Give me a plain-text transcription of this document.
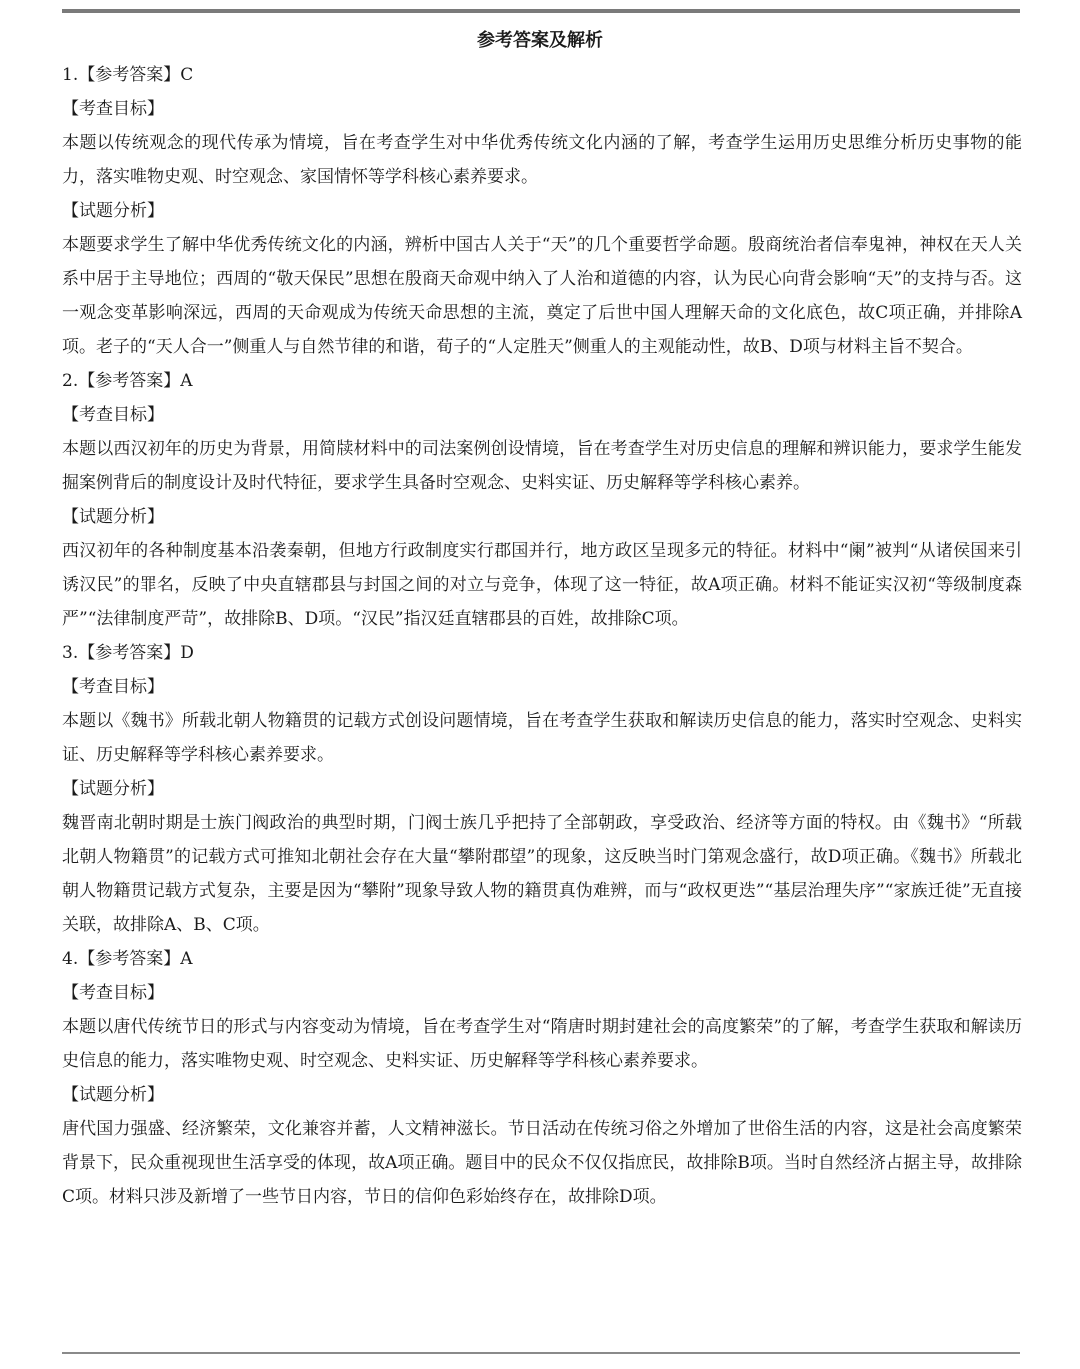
参考答案及解析
1.【参考答案】C
【考查目标】
本题以传统观念的现代传承为情境，旨在考查学生对中华优秀传统文化内涵的了解，考查学生运用历史思维分析历史事物的能力，落实唯物史观、时空观念、家国情怀等学科核心素养要求。
【试题分析】
本题要求学生了解中华优秀传统文化的内涵，辨析中国古人关于“天”的几个重要哲学命题。殷商统治者信奉鬼神，神权在天人关系中居于主导地位；西周的“敬天保民”思想在殷商天命观中纳入了人治和道德的内容，认为民心向背会影响“天”的支持与否。这一观念变革影响深远，西周的天命观成为传统天命思想的主流，奠定了后世中国人理解天命的文化底色，故C项正确，并排除A项。老子的“天人合一”侧重人与自然节律的和谐，荀子的“人定胜天”侧重人的主观能动性，故B、D项与材料主旨不契合。
2.【参考答案】A
【考查目标】
本题以西汉初年的历史为背景，用简牍材料中的司法案例创设情境，旨在考查学生对历史信息的理解和辨识能力，要求学生能发掘案例背后的制度设计及时代特征，要求学生具备时空观念、史料实证、历史解释等学科核心素养。
【试题分析】
西汉初年的各种制度基本沿袭秦朝，但地方行政制度实行郡国并行，地方政区呈现多元的特征。材料中“阑”被判“从诸侯国来引诱汉民”的罪名，反映了中央直辖郡县与封国之间的对立与竞争，体现了这一特征，故A项正确。材料不能证实汉初“等级制度森严”“法律制度严苛”，故排除B、D项。“汉民”指汉廷直辖郡县的百姓，故排除C项。
3.【参考答案】D
【考查目标】
本题以《魏书》所载北朝人物籍贯的记载方式创设问题情境，旨在考查学生获取和解读历史信息的能力，落实时空观念、史料实证、历史解释等学科核心素养要求。
【试题分析】
魏晋南北朝时期是士族门阀政治的典型时期，门阀士族几乎把持了全部朝政，享受政治、经济等方面的特权。由《魏书》“所载北朝人物籍贯”的记载方式可推知北朝社会存在大量“攀附郡望”的现象，这反映当时门第观念盛行，故D项正确。《魏书》所载北朝人物籍贯记载方式复杂，主要是因为“攀附”现象导致人物的籍贯真伪难辨，而与“政权更迭”“基层治理失序”“家族迁徙”无直接关联，故排除A、B、C项。
4.【参考答案】A
【考查目标】
本题以唐代传统节日的形式与内容变动为情境，旨在考查学生对“隋唐时期封建社会的高度繁荣”的了解，考查学生获取和解读历史信息的能力，落实唯物史观、时空观念、史料实证、历史解释等学科核心素养要求。
【试题分析】
唐代国力强盛、经济繁荣，文化兼容并蓄，人文精神滋长。节日活动在传统习俗之外增加了世俗生活的内容，这是社会高度繁荣背景下，民众重视现世生活享受的体现，故A项正确。题目中的民众不仅仅指庶民，故排除B项。当时自然经济占据主导，故排除C项。材料只涉及新增了一些节日内容，节日的信仰色彩始终存在，故排除D项。
